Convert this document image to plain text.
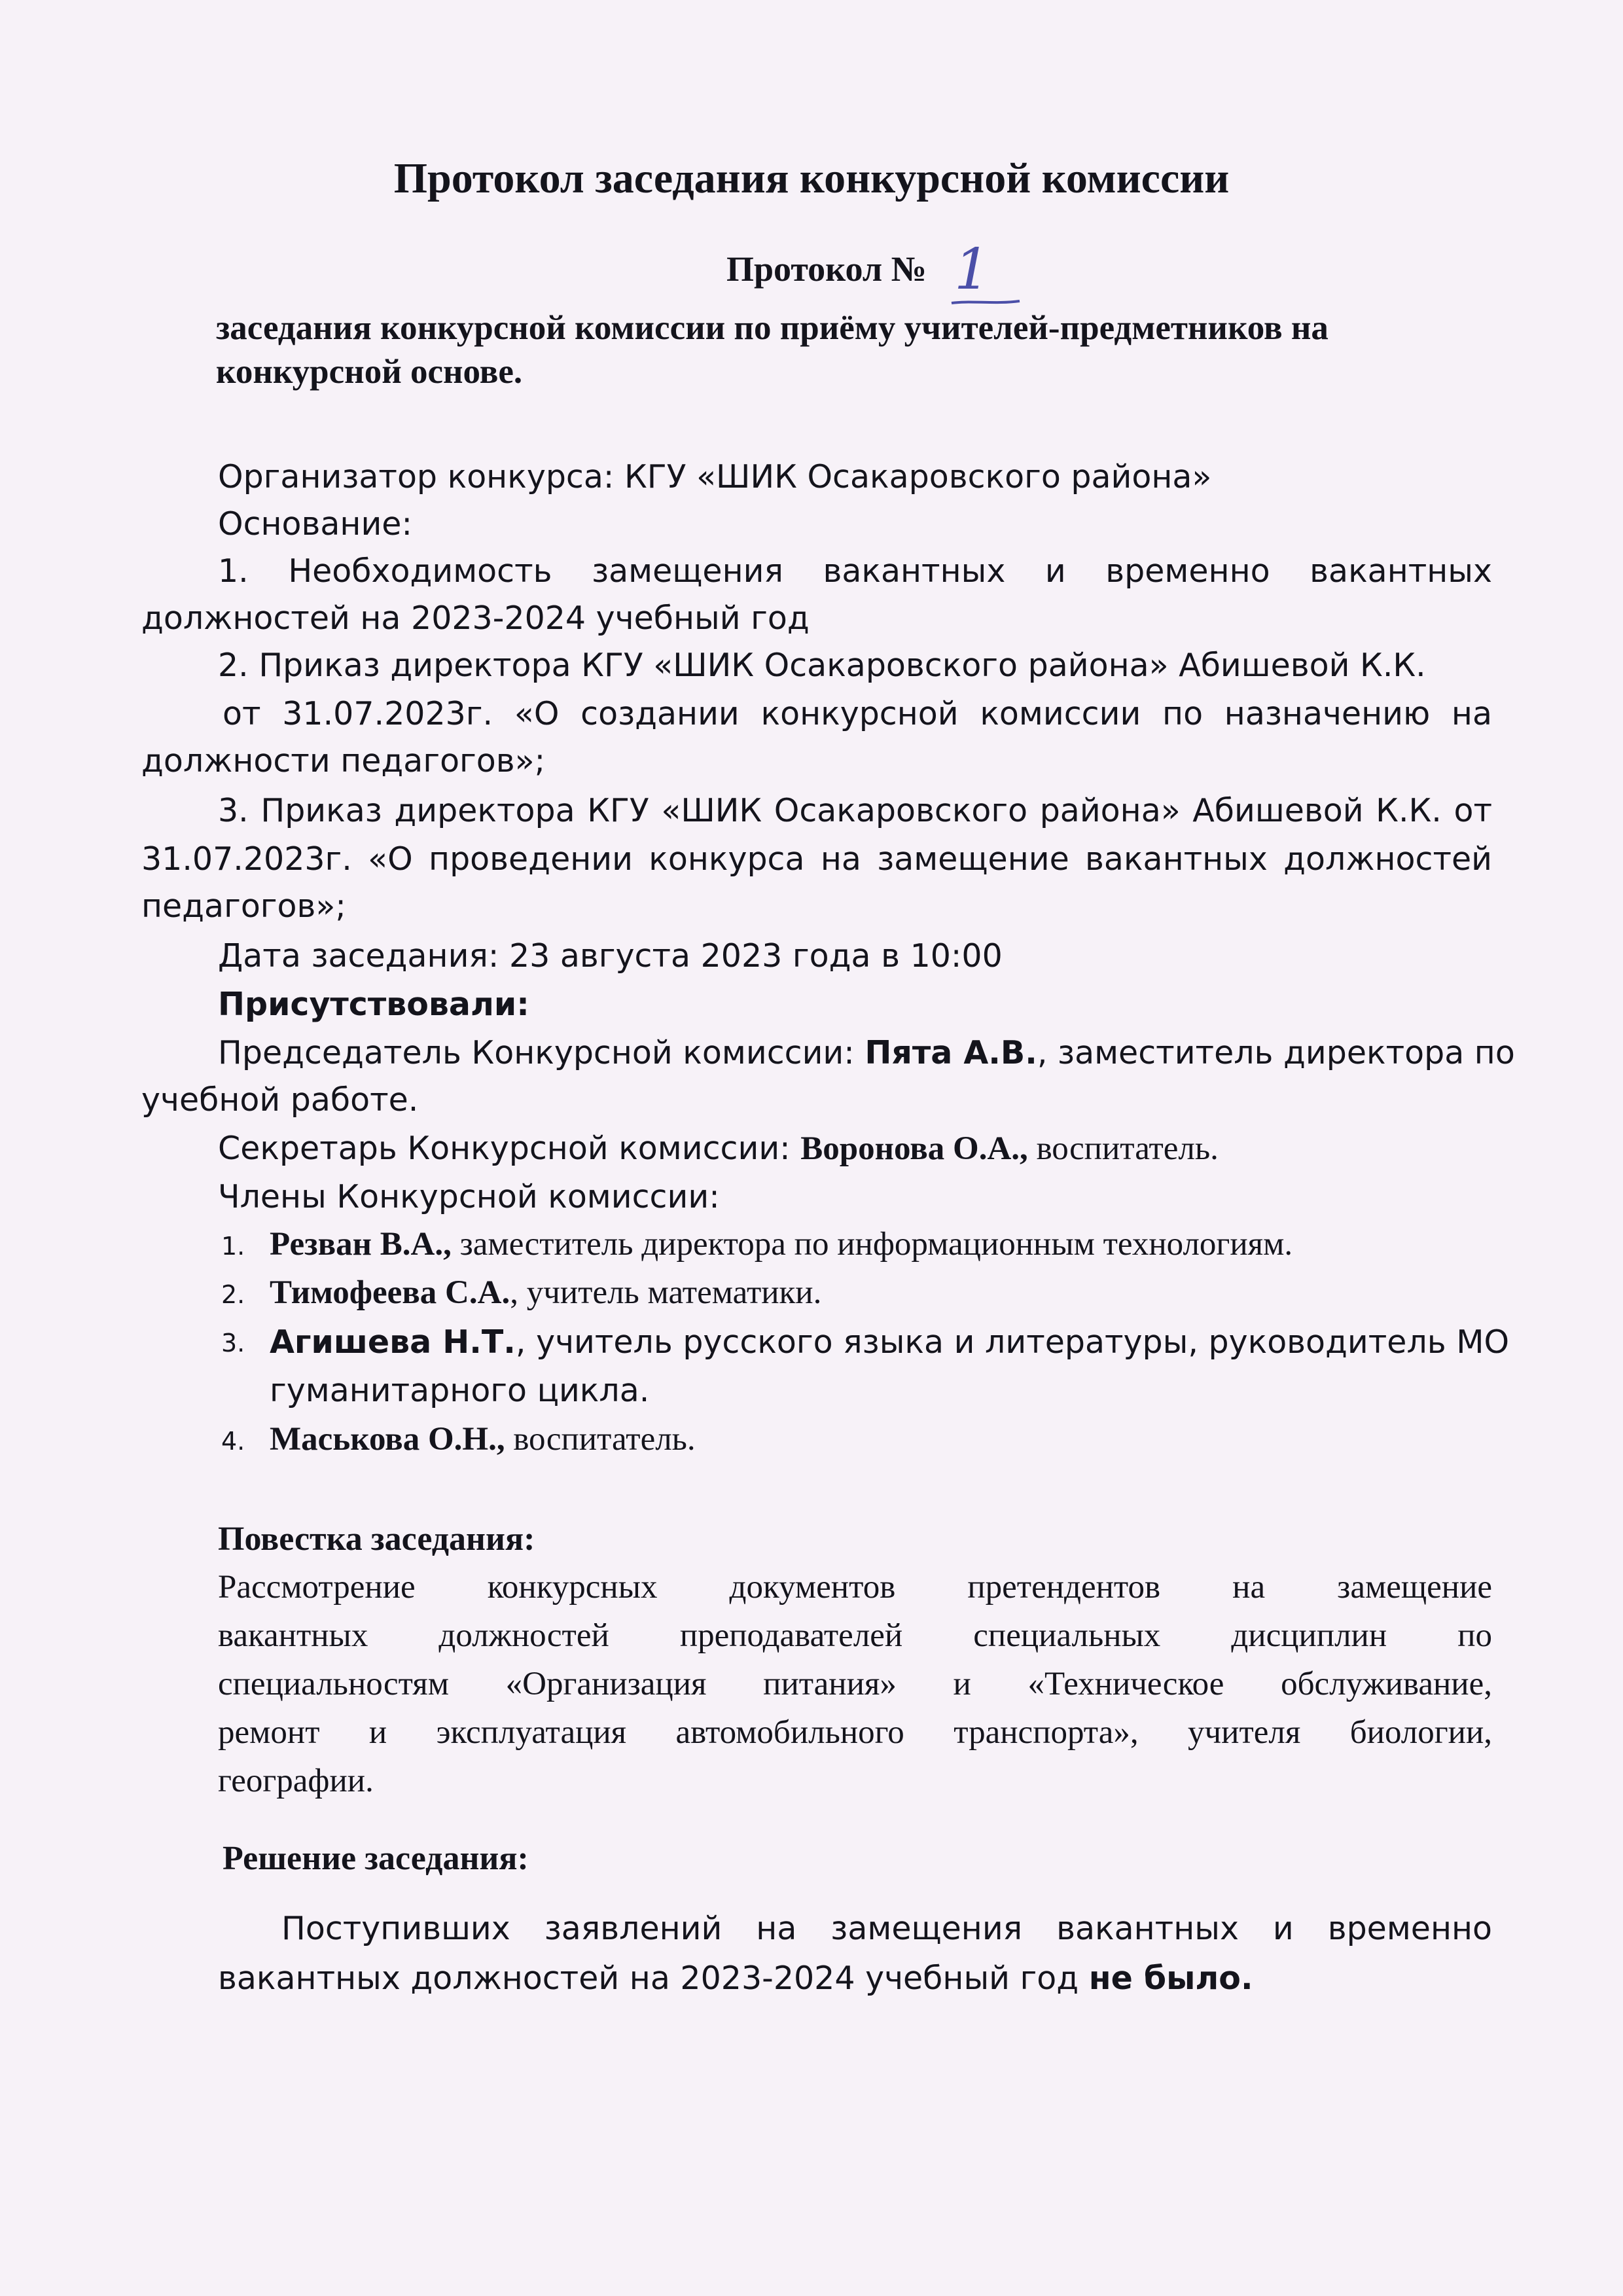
Протокол заседания конкурсной комиссии
Протокол № 1
заседания конкурсной комиссии по приёму учителей-предметников на конкурсной основе.
Организатор конкурса: КГУ «ШИК Осакаровского района»
Основание:
1. Необходимость замещения вакантных и временно вакантных
должностей на 2023-2024 учебный год
2. Приказ директора КГУ «ШИК Осакаровского района» Абишевой К.К.
от 31.07.2023г. «О создании конкурсной комиссии по назначению на
должности педагогов»;
3. Приказ директора КГУ «ШИК Осакаровского района» Абишевой К.К. от
31.07.2023г. «О проведении конкурса на замещение вакантных должностей
педагогов»;
Дата заседания: 23 августа 2023 года в 10:00
Присутствовали:
Председатель Конкурсной комиссии: Пята А.В., заместитель директора по
учебной работе.
Секретарь Конкурсной комиссии: Воронова О.А., воспитатель.
Члены Конкурсной комиссии:
1. Резван В.А., заместитель директора по информационным технологиям.
2. Тимофеева С.А., учитель математики.
3. Агишева Н.Т., учитель русского языка и литературы, руководитель МО
гуманитарного цикла.
4. Маськова О.Н., воспитатель.
Повестка заседания:
Рассмотрение конкурсных документов претендентов на замещение
вакантных должностей преподавателей специальных дисциплин по
специальностям «Организация питания» и «Техническое обслуживание,
ремонт и эксплуатация автомобильного транспорта», учителя биологии,
географии.
Решение заседания:
Поступивших заявлений на замещения вакантных и временно
вакантных должностей на 2023-2024 учебный год не было.
